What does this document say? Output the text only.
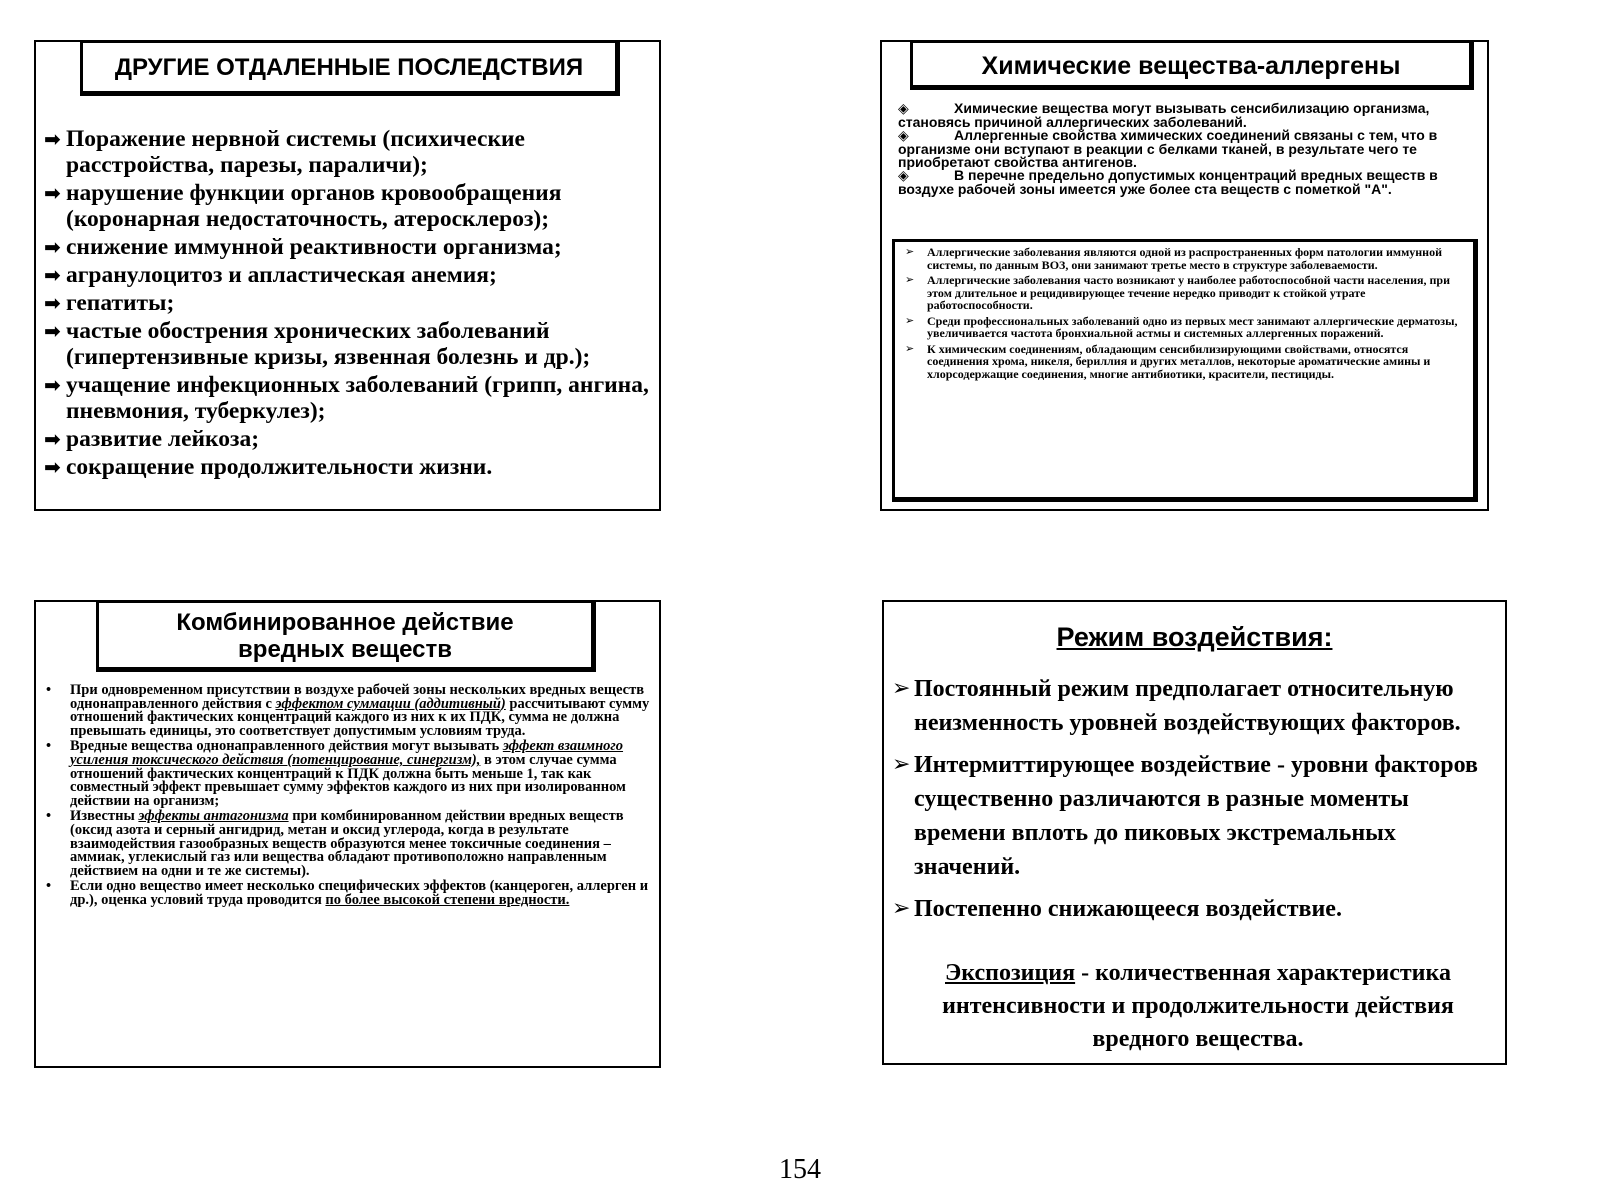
ДРУГИЕ ОТДАЛЕННЫЕ ПОСЛЕДСТВИЯ
➡ Поражение нервной системы (психические расстройства, парезы, параличи);
➡ нарушение функции органов кровообращения (коронарная недостаточность, атеросклероз);
➡ снижение иммунной реактивности организма;
➡ агранулоцитоз и апластическая анемия;
➡ гепатиты;
➡ частые обострения хронических заболеваний (гипертензивные кризы, язвенная болезнь и др.);
➡ учащение инфекционных заболеваний (грипп, ангина, пневмония, туберкулез);
➡ развитие лейкоза;
➡ сокращение продолжительности жизни.
Химические вещества-аллергены

◈	Химические вещества могут вызывать сенсибилизацию организма, становясь причиной аллергических заболеваний.

◈	Аллергенные свойства химических соединений связаны с тем, что в организме они вступают в реакции с белками тканей, в результате чего те приобретают свойства антигенов.

◈	В перечне предельно допустимых концентраций вредных веществ в воздухе рабочей зоны имеется уже более ста веществ с пометкой "А".

➢ Аллергические заболевания являются одной из распространенных форм патологии иммунной системы, по данным ВОЗ, они занимают третье место в структуре заболеваемости.
➢ Аллергические заболевания часто возникают у наиболее работоспособной части населения, при этом длительное и рецидивирующее течение нередко приводит к стойкой утрате работоспособности.
➢ Среди профессиональных заболеваний одно из первых мест занимают аллергические дерматозы, увеличивается частота бронхиальной астмы и системных аллергенных поражений.
➢ К химическим соединениям, обладающим сенсибилизирующими свойствами, относятся соединения хрома, никеля, бериллия и других металлов, некоторые ароматические амины и хлорсодержащие соединения, многие антибиотики, красители, пестициды.
Комбинированное действие
вредных веществ
• При одновременном присутствии в воздухе рабочей зоны нескольких вредных веществ однонаправленного действия с эффектом суммации (аддитивный) рассчитывают сумму отношений фактических концентраций каждого из них к их ПДК, сумма не должна превышать единицы, это соответствует допустимым условиям труда.
• Вредные вещества однонаправленного действия могут вызывать эффект взаимного усиления токсического действия (потенцирование, синергизм), в этом случае сумма отношений фактических концентраций к ПДК должна быть меньше 1, так как совместный эффект превышает сумму эффектов каждого из них при изолированном действии на организм;
• Известны эффекты антагонизма при комбинированном действии вредных веществ (оксид азота и серный ангидрид, метан и оксид углерода, когда в результате взаимодействия газообразных веществ образуются менее токсичные соединения – аммиак, углекислый газ или вещества обладают противоположно направленным действием на одни и те же системы).
• Если одно вещество имеет несколько специфических эффектов (канцероген, аллерген и др.), оценка условий труда проводится по более высокой степени вредности.
Режим воздействия:
➢ Постоянный режим предполагает относительную неизменность уровней воздействующих факторов.
➢ Интермиттирующее воздействие - уровни факторов существенно различаются в разные моменты времени вплоть до пиковых экстремальных значений.
➢ Постепенно снижающееся воздействие.
Экспозиция - количественная характеристика интенсивности и продолжительности действия вредного вещества.
154
